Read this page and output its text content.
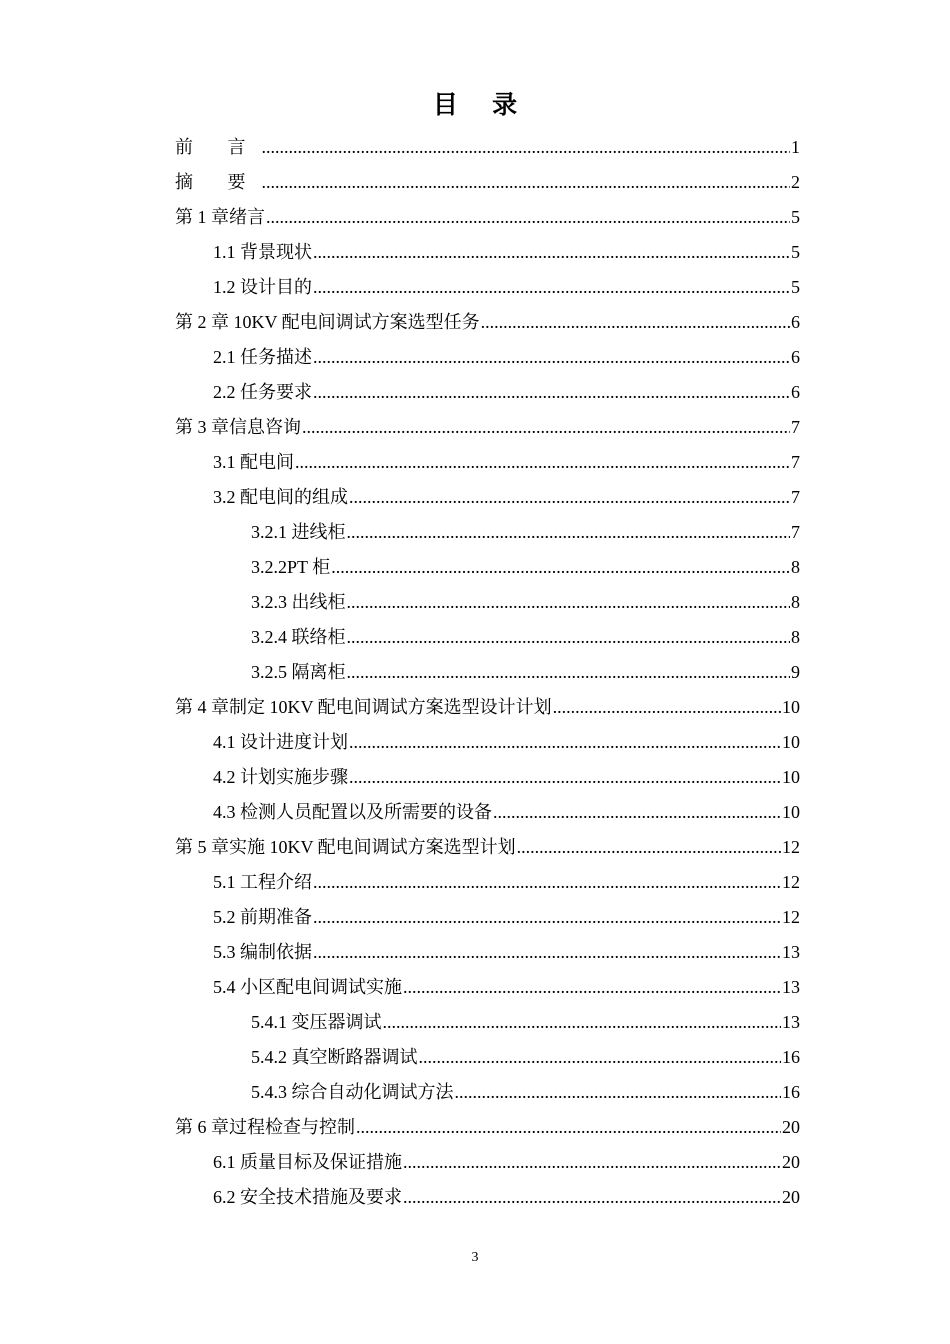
目 录
前 言 .....	1
摘 要 .....	2
第 1 章绪言 .....	5
1.1 背景现状 .....	5
1.2 设计目的 .....	5
第 2 章 10KV 配电间调试方案选型任务 .....	6
2.1 任务描述 .....	6
2.2 任务要求 .....	6
第 3 章信息咨询 .....	7
3.1 配电间 .....	7
3.2 配电间的组成 .....	7
3.2.1 进线柜 .....	7
3.2.2PT 柜 .....	8
3.2.3 出线柜 .....	8
3.2.4 联络柜 .....	8
3.2.5 隔离柜 .....	9
第 4 章制定 10KV 配电间调试方案选型设计计划 .....	10
4.1 设计进度计划 .....	10
4.2 计划实施步骤 .....	10
4.3 检测人员配置以及所需要的设备 .....	10
第 5 章实施 10KV 配电间调试方案选型计划 .....	12
5.1 工程介绍 .....	12
5.2 前期准备 .....	12
5.3 编制依据 .....	13
5.4 小区配电间调试实施 .....	13
5.4.1 变压器调试 .....	13
5.4.2 真空断路器调试 .....	16
5.4.3 综合自动化调试方法 .....	16
第 6 章过程检查与控制 .....	20
6.1 质量目标及保证措施 .....	20
6.2 安全技术措施及要求 .....	20
3
